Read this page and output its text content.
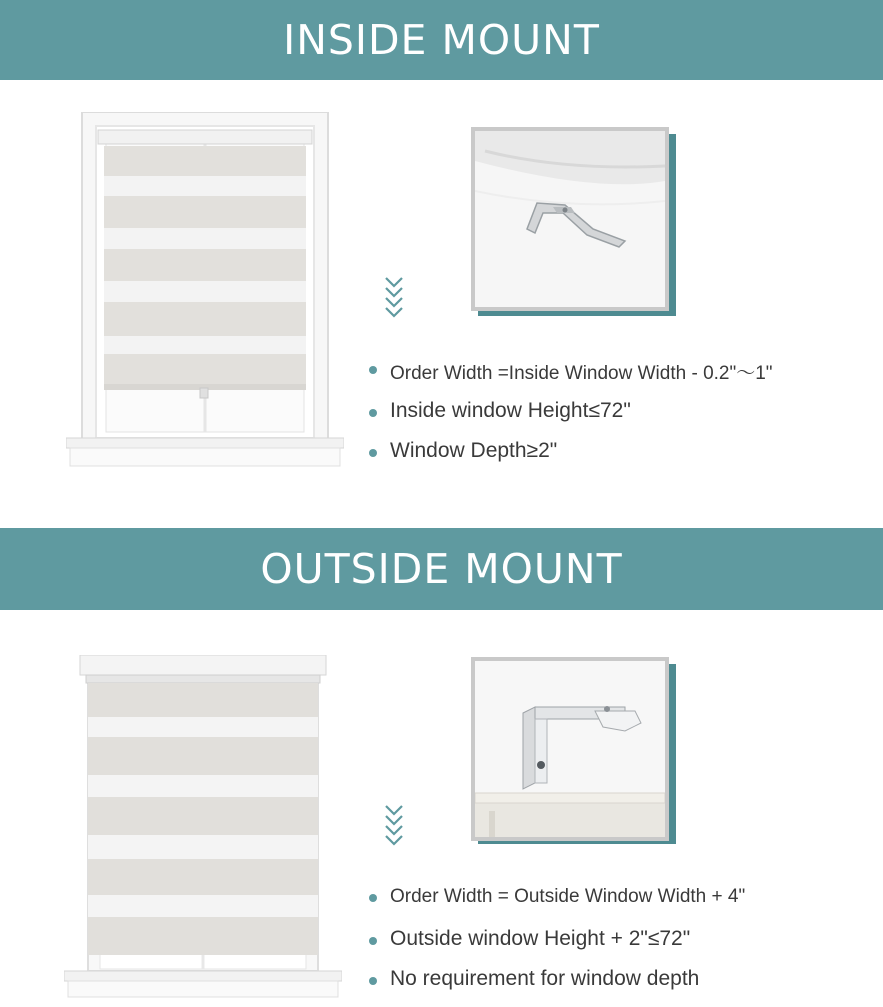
INSIDE MOUNT
Order Width =Inside Window Width - 0.2"～1"
Inside window Height≤72"
Window Depth≥2"
OUTSIDE MOUNT
Order Width = Outside Window Width + 4"
Outside window Height + 2"≤72"
No requirement for window depth
